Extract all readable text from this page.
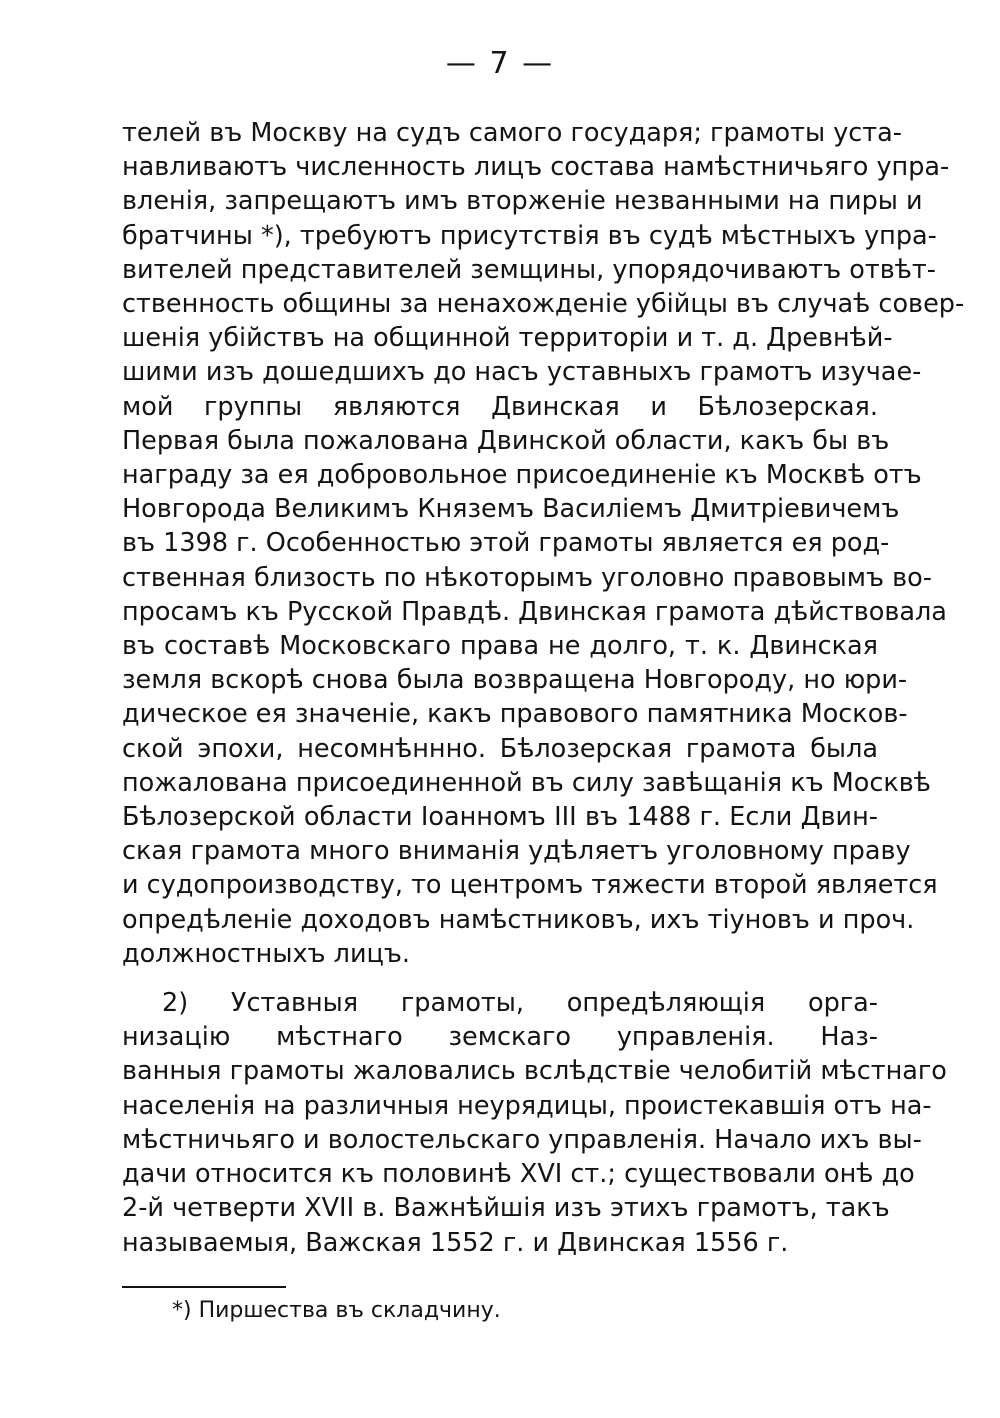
— 7 —
телей въ Москву на судъ самого государя; грамоты уста-
навливаютъ численность лицъ состава намѣстничьяго упра-
вленія, запрещаютъ имъ вторженіе незванными на пиры и
братчины *), требуютъ присутствія въ судѣ мѣстныхъ упра-
вителей представителей земщины, упорядочиваютъ отвѣт-
ственность общины за ненахожденіе убійцы въ случаѣ совер-
шенія убійствъ на общинной территоріи и т. д. Древнѣй-
шими изъ дошедшихъ до насъ уставныхъ грамотъ изучае-
мой группы являются Двинская и Бѣлозерская.
Первая была пожалована Двинской области, какъ бы въ
награду за ея добровольное присоединеніе къ Москвѣ отъ
Новгорода Великимъ Княземъ Василіемъ Дмитріевичемъ
въ 1398 г. Особенностью этой грамоты является ея род-
ственная близость по нѣкоторымъ уголовно правовымъ во-
просамъ къ Русской Правдѣ. Двинская грамота дѣйствовала
въ составѣ Московскаго права не долго, т. к. Двинская
земля вскорѣ снова была возвращена Новгороду, но юри-
дическое ея значеніе, какъ правового памятника Москов-
ской эпохи, несомнѣннно. Бѣлозерская грамота была
пожалована присоединенной въ силу завѣщанія къ Москвѣ
Бѣлозерской области Іоанномъ III въ 1488 г. Если Двин-
ская грамота много вниманія удѣляетъ уголовному праву
и судопроизводству, то центромъ тяжести второй является
опредѣленіе доходовъ намѣстниковъ, ихъ тіуновъ и проч.
должностныхъ лицъ.
2) Уставныя грамоты, опредѣляющія орга-
низацію мѣстнаго земскаго управленія. Наз-
ванныя грамоты жаловались вслѣдствіе челобитій мѣстнаго
населенія на различныя неурядицы, проистекавшія отъ на-
мѣстничьяго и волостельскаго управленія. Начало ихъ вы-
дачи относится къ половинѣ XVI ст.; существовали онѣ до
2-й четверти XVII в. Важнѣйшія изъ этихъ грамотъ, такъ
называемыя, Важская 1552 г. и Двинская 1556 г.
*) Пиршества въ складчину.
